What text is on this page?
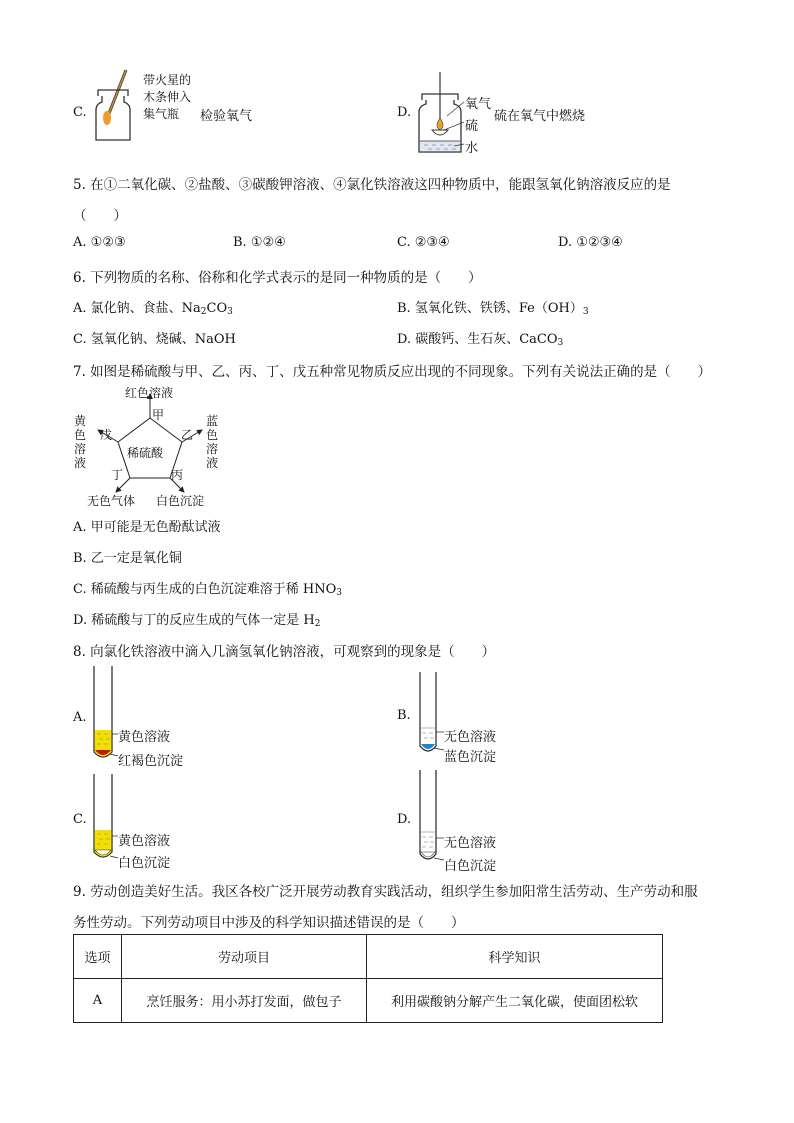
C.
带火星的
木条伸入
集气瓶 检验氧气	D.
氧气
硫
水
硫在氧气中燃烧
5. 在①二氧化碳、②盐酸、③碳酸钾溶液、④氯化铁溶液这四种物质中，能跟氢氧化钠溶液反应的是
（　　）
A. ①②③	B. ①②④	C. ②③④	D. ①②③④
6. 下列物质的名称、俗称和化学式表示的是同一种物质的是（　　）
A. 氯化钠、食盐、$Na_2CO_3$	B. 氢氧化铁、铁锈、$Fe(OH)_3$
C. 氢氧化钠、烧碱、NaOH	D. 碳酸钙、生石灰、CaCO$_3$
7. 如图是稀硫酸与甲、乙、丙、丁、戊五种常见物质反应出现的不同现象。下列有关说法正确的是（　　）
红色溶液
甲
乙
丙
丁
戊
稀硫酸
蓝
色
溶
液
黄
色
溶
液
无色气体 白色沉淀
A. 甲可能是无色酚酞试液
B. 乙一定是氧化铜
C. 稀硫酸与丙生成的白色沉淀难溶于稀 $HNO_3$
D. 稀硫酸与丁的反应生成的气体一定是 $H_2$
8. 向氯化铁溶液中滴入几滴氢氧化钠溶液，可观察到的现象是（　　）
A.
黄色溶液
红褐色沉淀
B.
无色溶液
蓝色沉淀
C.
黄色溶液
白色沉淀
D.
无色溶液
白色沉淀
9. 劳动创造美好生活。我区各校广泛开展劳动教育实践活动，组织学生参加阳常生活劳动、生产劳动和服
务性劳动。下列劳动项目中涉及的科学知识描述错误的是（　　）
选项	劳动项目	科学知识
A	烹饪服务：用小苏打发面，做包子	利用碳酸钠分解产生二氧化碳，使面团松软
